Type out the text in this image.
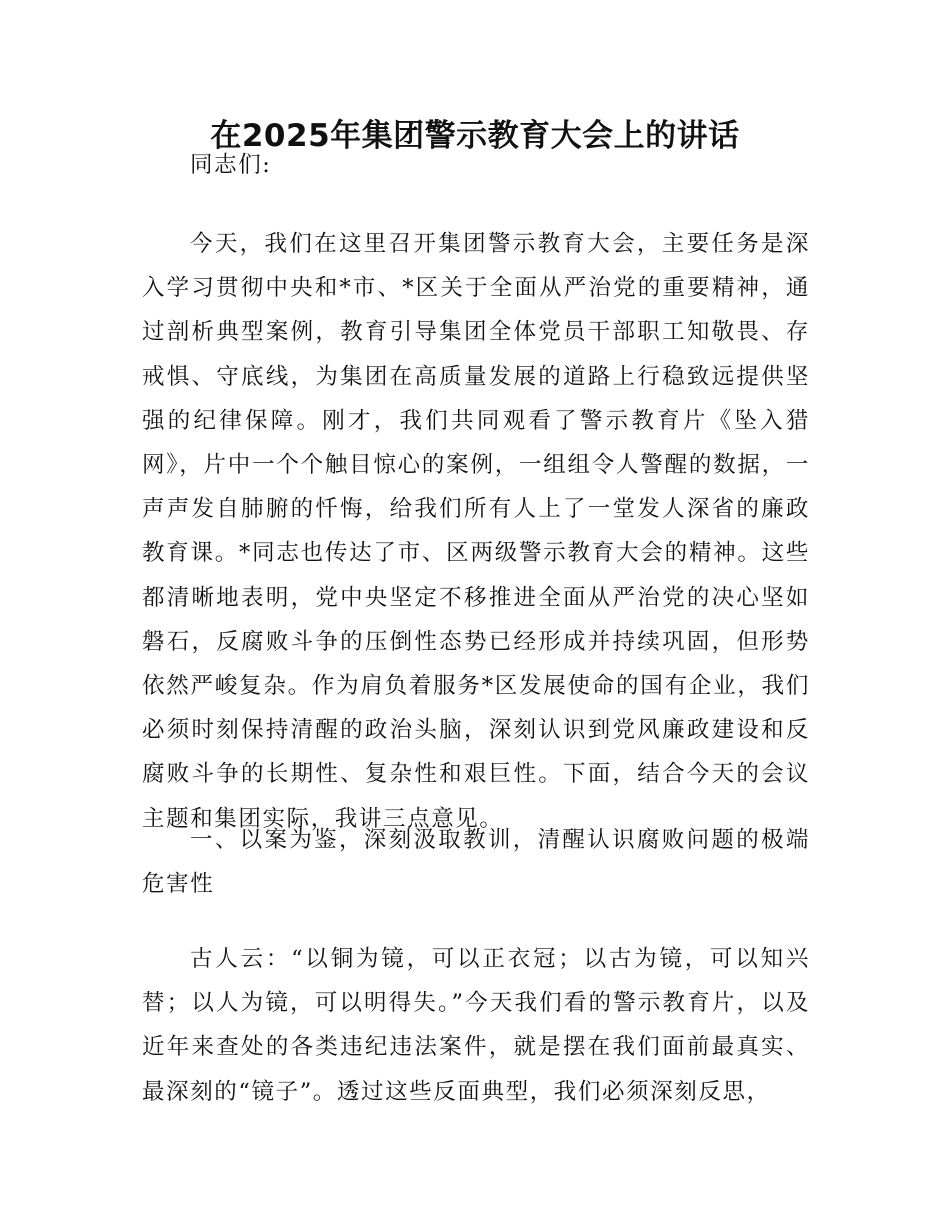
在2025年集团警示教育大会上的讲话

同志们:

今天，我们在这里召开集团警示教育大会，主要任务是深入学习贯彻中央和*市、*区关于全面从严治党的重要精神，通过剖析典型案例，教育引导集团全体党员干部职工知敬畏、存戒惧、守底线，为集团在高质量发展的道路上行稳致远提供坚强的纪律保障。刚才，我们共同观看了警示教育片《坠入猎网》，片中一个个触目惊心的案例，一组组令人警醒的数据，一声声发自肺腑的忏悔，给我们所有人上了一堂发人深省的廉政教育课。*同志也传达了市、区两级警示教育大会的精神。这些都清晰地表明，党中央坚定不移推进全面从严治党的决心坚如磐石，反腐败斗争的压倒性态势已经形成并持续巩固，但形势依然严峻复杂。作为肩负着服务*区发展使命的国有企业，我们必须时刻保持清醒的政治头脑，深刻认识到党风廉政建设和反腐败斗争的长期性、复杂性和艰巨性。下面，结合今天的会议主题和集团实际，我讲三点意见。

一、以案为鉴，深刻汲取教训，清醒认识腐败问题的极端危害性

古人云：“以铜为镜，可以正衣冠；以古为镜，可以知兴替；以人为镜，可以明得失。”今天我们看的警示教育片，以及近年来查处的各类违纪违法案件，就是摆在我们面前最真实、最深刻的“镜子”。透过这些反面典型，我们必须深刻反思，
